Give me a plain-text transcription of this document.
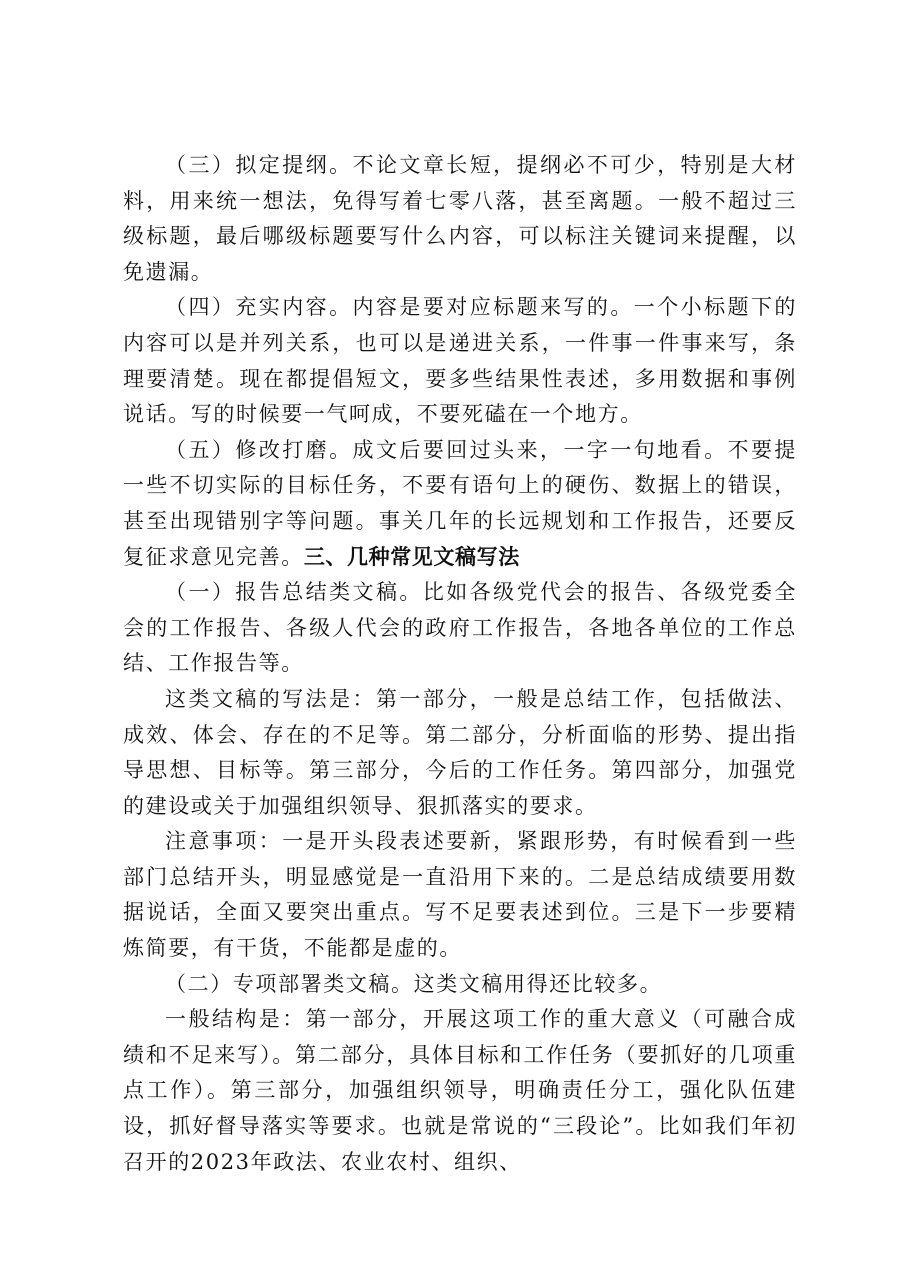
（三）拟定提纲。不论文章长短，提纲必不可少，特别是大材料，用来统一想法，免得写着七零八落，甚至离题。一般不超过三级标题，最后哪级标题要写什么内容，可以标注关键词来提醒，以免遗漏。

（四）充实内容。内容是要对应标题来写的。一个小标题下的内容可以是并列关系，也可以是递进关系，一件事一件事来写，条理要清楚。现在都提倡短文，要多些结果性表述，多用数据和事例说话。写的时候要一气呵成，不要死磕在一个地方。

（五）修改打磨。成文后要回过头来，一字一句地看。不要提一些不切实际的目标任务，不要有语句上的硬伤、数据上的错误，甚至出现错别字等问题。事关几年的长远规划和工作报告，还要反复征求意见完善。三、几种常见文稿写法

（一）报告总结类文稿。比如各级党代会的报告、各级党委全会的工作报告、各级人代会的政府工作报告，各地各单位的工作总结、工作报告等。

这类文稿的写法是：第一部分，一般是总结工作，包括做法、成效、体会、存在的不足等。第二部分，分析面临的形势、提出指导思想、目标等。第三部分，今后的工作任务。第四部分，加强党的建设或关于加强组织领导、狠抓落实的要求。

注意事项：一是开头段表述要新，紧跟形势，有时候看到一些部门总结开头，明显感觉是一直沿用下来的。二是总结成绩要用数据说话，全面又要突出重点。写不足要表述到位。三是下一步要精炼简要，有干货，不能都是虚的。

（二）专项部署类文稿。这类文稿用得还比较多。

一般结构是：第一部分，开展这项工作的重大意义（可融合成绩和不足来写）。第二部分，具体目标和工作任务（要抓好的几项重点工作）。第三部分，加强组织领导，明确责任分工，强化队伍建设，抓好督导落实等要求。也就是常说的“三段论”。比如我们年初召开的2023年政法、农业农村、组织、
